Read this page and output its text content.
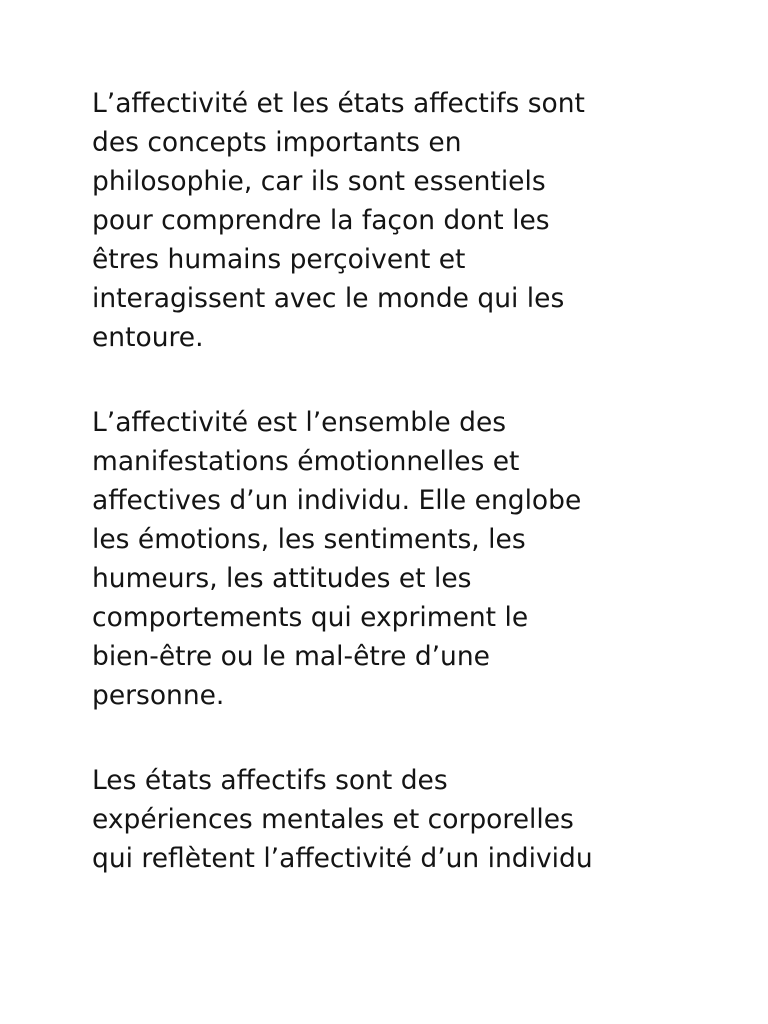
L’affectivité et les états affectifs sont
des concepts importants en
philosophie, car ils sont essentiels
pour comprendre la façon dont les
êtres humains perçoivent et
interagissent avec le monde qui les
entoure.

L’affectivité est l’ensemble des
manifestations émotionnelles et
affectives d’un individu. Elle englobe
les émotions, les sentiments, les
humeurs, les attitudes et les
comportements qui expriment le
bien-être ou le mal-être d’une
personne.

Les états affectifs sont des
expériences mentales et corporelles
qui reflètent l’affectivité d’un individu
